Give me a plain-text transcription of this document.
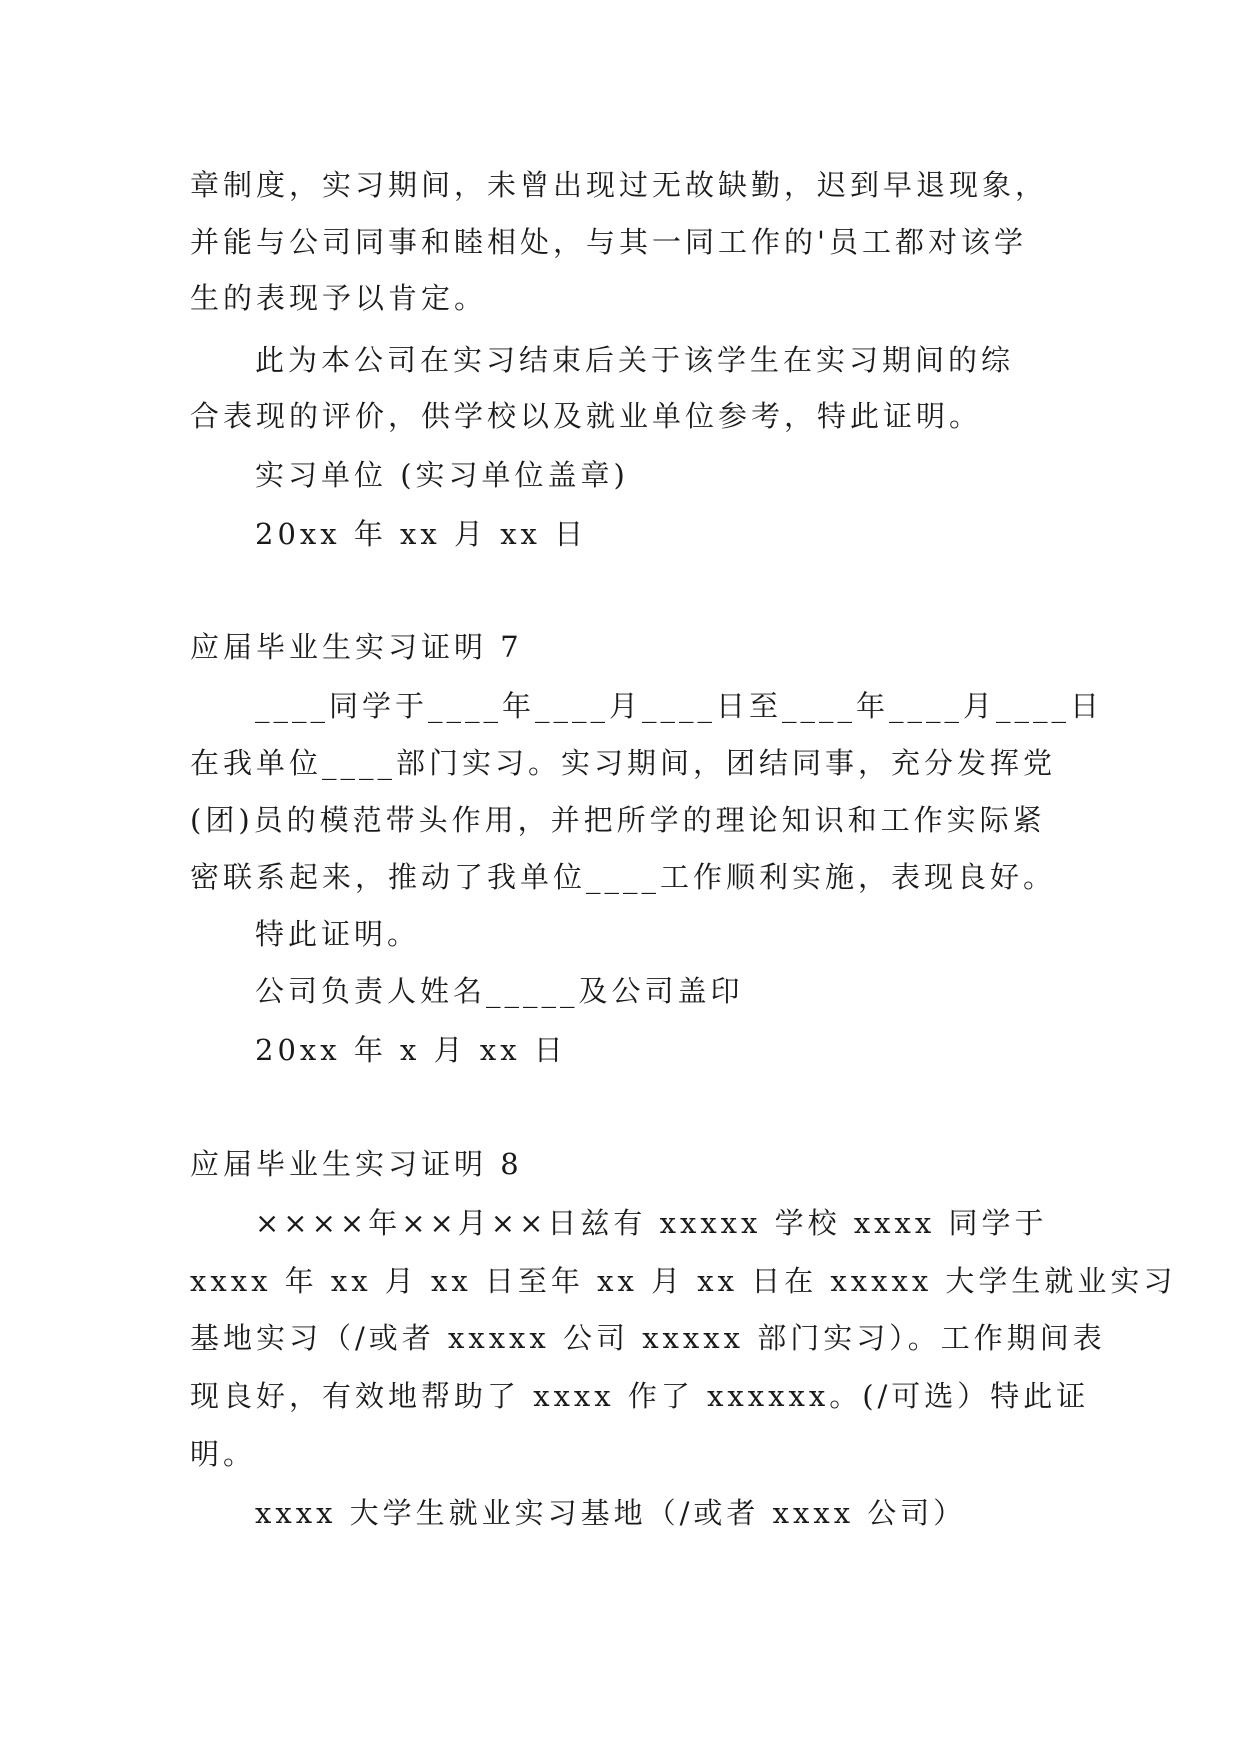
章制度，实习期间，未曾出现过无故缺勤，迟到早退现象，
并能与公司同事和睦相处，与其一同工作的'员工都对该学
生的表现予以肯定。
此为本公司在实习结束后关于该学生在实习期间的综
合表现的评价，供学校以及就业单位参考，特此证明。
实习单位 (实习单位盖章)
20xx 年 xx 月 xx 日
应届毕业生实习证明 7
____同学于____年____月____日至____年____月____日
在我单位____部门实习。实习期间，团结同事，充分发挥党
(团)员的模范带头作用，并把所学的理论知识和工作实际紧
密联系起来，推动了我单位____工作顺利实施，表现良好。
特此证明。
公司负责人姓名_____及公司盖印
20xx 年 x 月 xx 日
应届毕业生实习证明 8
××××年××月××日兹有 xxxxx 学校 xxxx 同学于
xxxx 年 xx 月 xx 日至年 xx 月 xx 日在 xxxxx 大学生就业实习
基地实习（/或者 xxxxx 公司 xxxxx 部门实习）。工作期间表
现良好，有效地帮助了 xxxx 作了 xxxxxx。(/可选）特此证
明。
xxxx 大学生就业实习基地（/或者 xxxx 公司）
